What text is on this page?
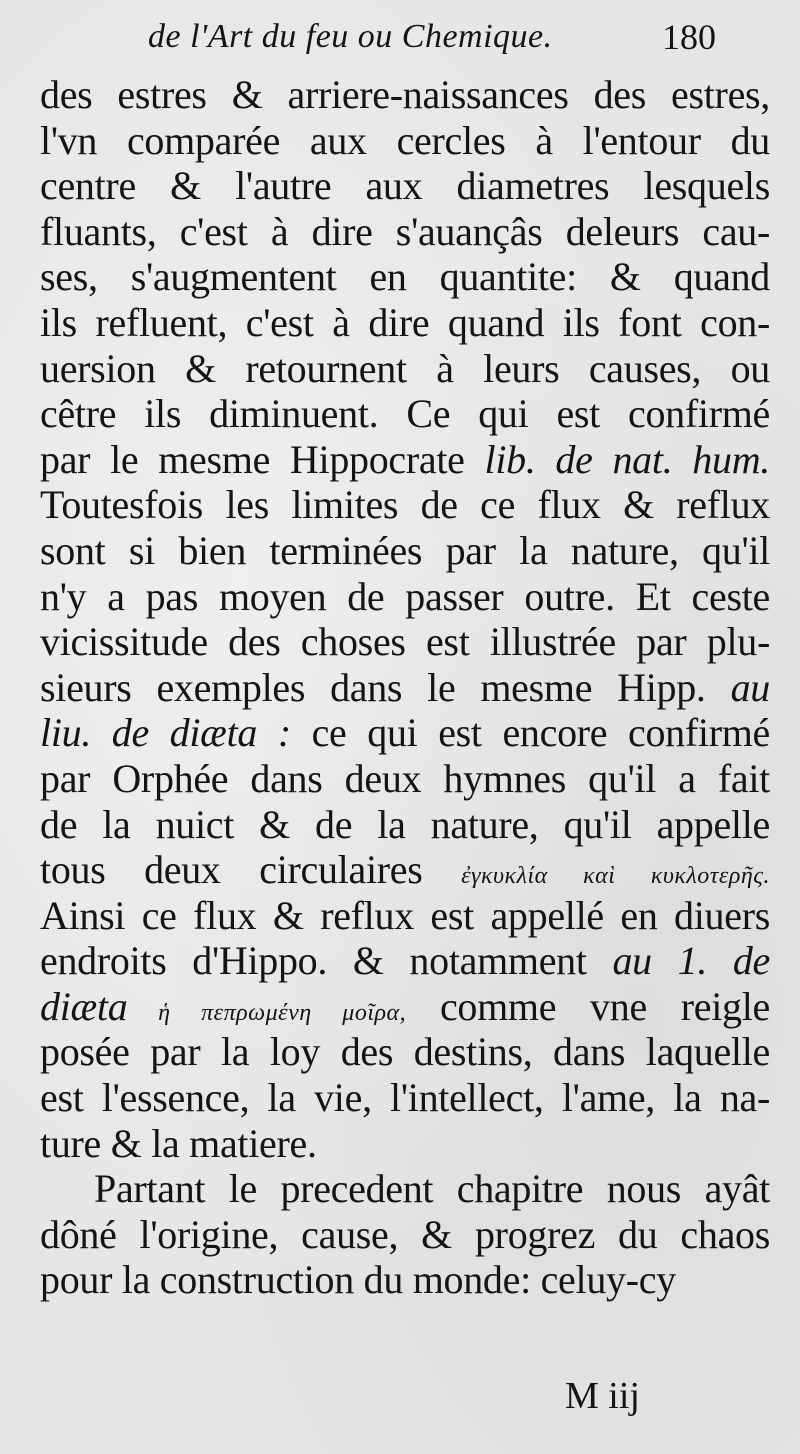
de l'Art du feu ou Chemique.	180
des estres & arriere-naissances des estres,
l'vn comparée aux cercles à l'entour du
centre & l'autre aux diametres lesquels
fluants, c'est à dire s'auançâs deleurs cau-
ses, s'augmentent en quantite: & quand
ils refluent, c'est à dire quand ils font con-
uersion & retournent à leurs causes, ou
cêtre ils diminuent. Ce qui est confirmé
par le mesme Hippocrate lib. de nat. hum.
Toutesfois les limites de ce flux & reflux
sont si bien terminées par la nature, qu'il
n'y a pas moyen de passer outre. Et ceste
vicissitude des choses est illustrée par plu-
sieurs exemples dans le mesme Hipp. au
liu. de diæta : ce qui est encore confirmé
par Orphée dans deux hymnes qu'il a fait
de la nuict & de la nature, qu'il appelle
tous deux circulaires ἐγκυκλία καὶ κυκλοτερῆς.
Ainsi ce flux & reflux est appellé en diuers
endroits d'Hippo. & notamment au 1. de
diæta ἡ πεπρωμένη μοῖρα, comme vne reigle
posée par la loy des destins, dans laquelle
est l'essence, la vie, l'intellect, l'ame, la na-
ture & la matiere.
Partant le precedent chapitre nous ayât
dôné l'origine, cause, & progrez du chaos
pour la construction du monde: celuy-cy
M iij
